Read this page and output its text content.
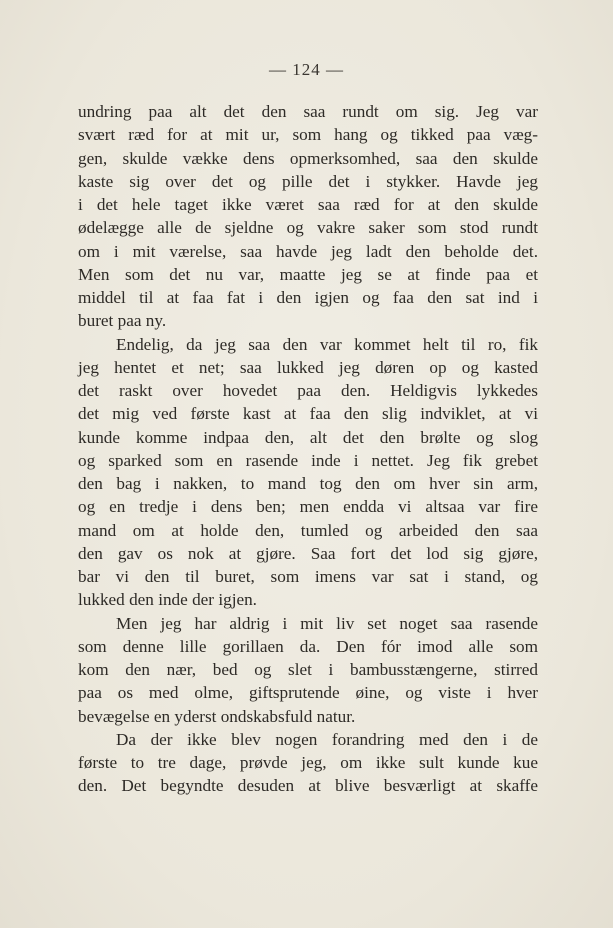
— 124 —
undring paa alt det den saa rundt om sig. Jeg var
svært ræd for at mit ur, som hang og tikked paa væg-
gen, skulde vække dens opmerksomhed, saa den skulde
kaste sig over det og pille det i stykker. Havde jeg
i det hele taget ikke været saa ræd for at den skulde
ødelægge alle de sjeldne og vakre saker som stod rundt
om i mit værelse, saa havde jeg ladt den beholde det.
Men som det nu var, maatte jeg se at finde paa et
middel til at faa fat i den igjen og faa den sat ind i
buret paa ny.
Endelig, da jeg saa den var kommet helt til ro, fik
jeg hentet et net; saa lukked jeg døren op og kasted
det raskt over hovedet paa den. Heldigvis lykkedes
det mig ved første kast at faa den slig indviklet, at vi
kunde komme indpaa den, alt det den brølte og slog
og sparked som en rasende inde i nettet. Jeg fik grebet
den bag i nakken, to mand tog den om hver sin arm,
og en tredje i dens ben; men endda vi altsaa var fire
mand om at holde den, tumled og arbeided den saa
den gav os nok at gjøre. Saa fort det lod sig gjøre,
bar vi den til buret, som imens var sat i stand, og
lukked den inde der igjen.
Men jeg har aldrig i mit liv set noget saa rasende
som denne lille gorillaen da. Den fór imod alle som
kom den nær, bed og slet i bambusstængerne, stirred
paa os med olme, giftsprutende øine, og viste i hver
bevægelse en yderst ondskabsfuld natur.
Da der ikke blev nogen forandring med den i de
første to tre dage, prøvde jeg, om ikke sult kunde kue
den. Det begyndte desuden at blive besværligt at skaffe
